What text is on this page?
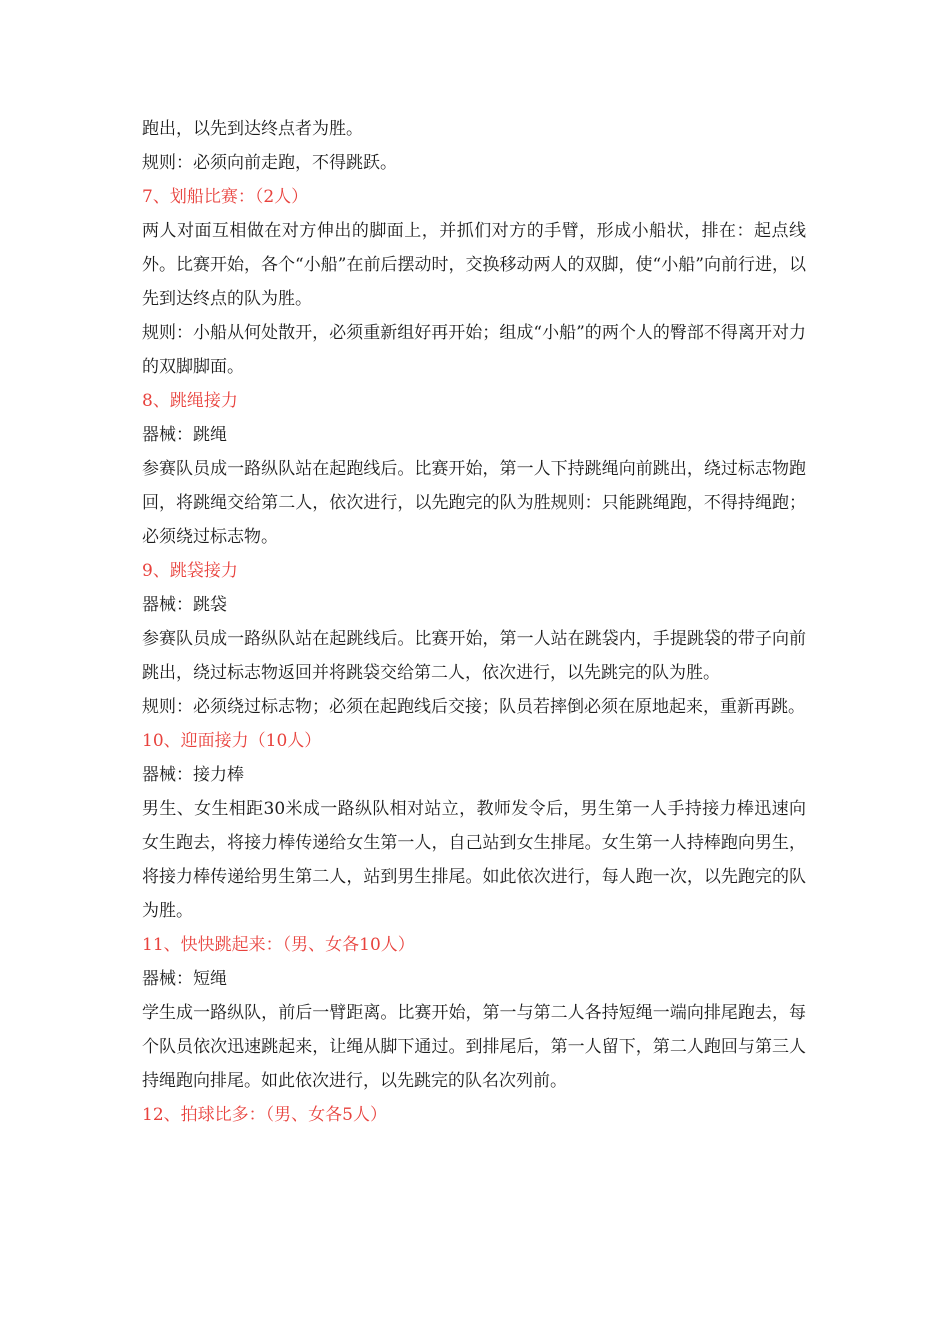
跑出，以先到达终点者为胜。

规则：必须向前走跑，不得跳跃。

7、划船比赛：（2人）

两人对面互相做在对方伸出的脚面上，并抓们对方的手臂，形成小船状，排在：起点线外。比赛开始，各个“小船”在前后摆动时，交换移动两人的双脚，使“小船”向前行进，以先到达终点的队为胜。

规则：小船从何处散开，必须重新组好再开始；组成“小船”的两个人的臀部不得离开对力的双脚脚面。

8、跳绳接力

器械：跳绳

参赛队员成一路纵队站在起跑线后。比赛开始，第一人下持跳绳向前跳出，绕过标志物跑回，将跳绳交给第二人，依次进行，以先跑完的队为胜规则：只能跳绳跑，不得持绳跑；必须绕过标志物。

9、跳袋接力

器械：跳袋

参赛队员成一路纵队站在起跳线后。比赛开始，第一人站在跳袋内，手提跳袋的带子向前跳出，绕过标志物返回并将跳袋交给第二人，依次进行，以先跳完的队为胜。

规则：必须绕过标志物；必须在起跑线后交接；队员若摔倒必须在原地起来，重新再跳。

10、迎面接力（10人）

器械：接力棒

男生、女生相距30米成一路纵队相对站立，教师发令后，男生第一人手持接力棒迅速向女生跑去，将接力棒传递给女生第一人，自己站到女生排尾。女生第一人持棒跑向男生，将接力棒传递给男生第二人，站到男生排尾。如此依次进行，每人跑一次，以先跑完的队为胜。

11、快快跳起来：（男、女各10人）

器械：短绳

学生成一路纵队，前后一臂距离。比赛开始，第一与第二人各持短绳一端向排尾跑去，每个队员依次迅速跳起来，让绳从脚下通过。到排尾后，第一人留下，第二人跑回与第三人持绳跑向排尾。如此依次进行，以先跳完的队名次列前。

12、拍球比多：（男、女各5人）
